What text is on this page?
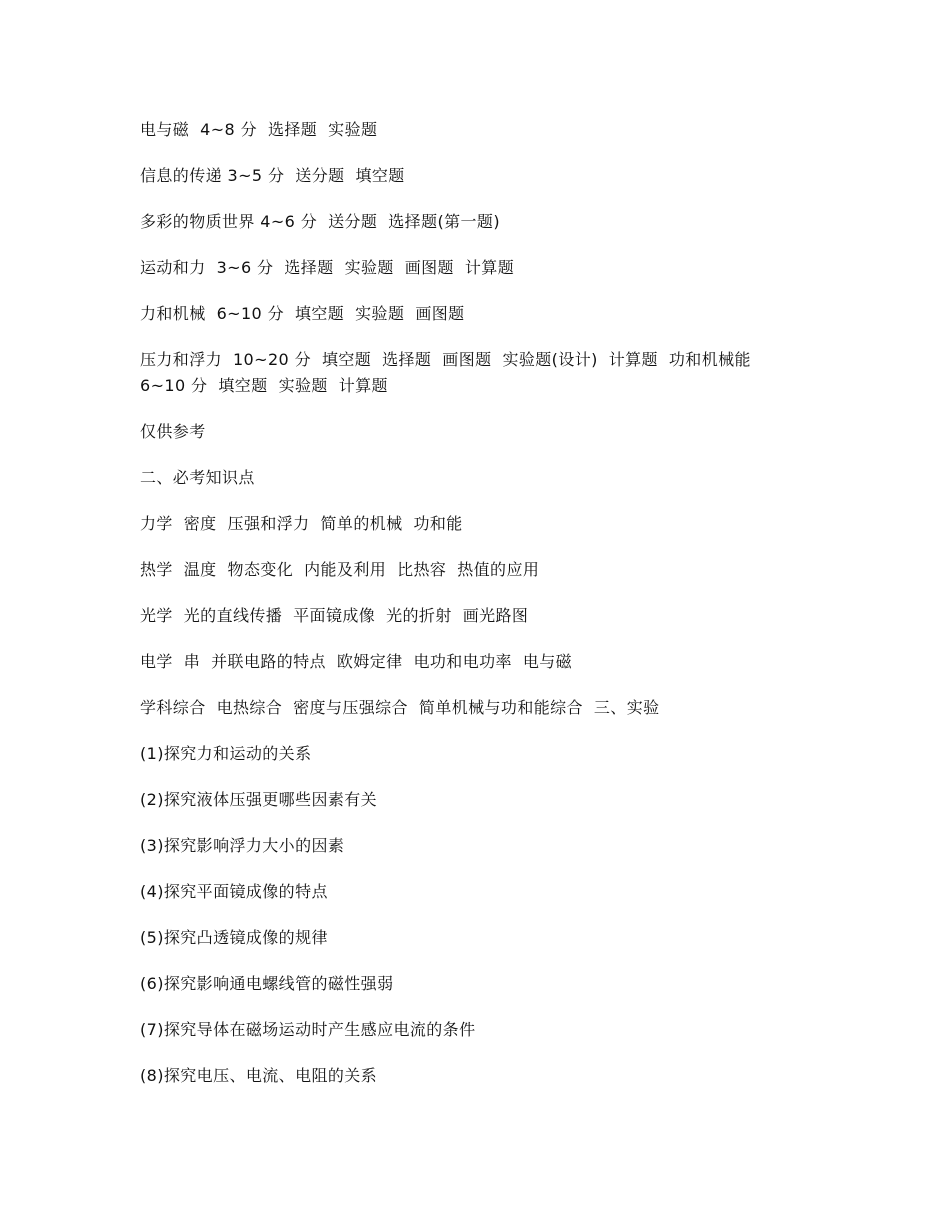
电与磁  4~8 分  选择题  实验题

信息的传递 3~5 分  送分题  填空题

多彩的物质世界 4~6 分  送分题  选择题(第一题)

运动和力  3~6 分  选择题  实验题  画图题  计算题

力和机械  6~10 分  填空题  实验题  画图题

压力和浮力  10~20 分  填空题  选择题  画图题  实验题(设计)  计算题  功和机械能
6~10 分  填空题  实验题  计算题

仅供参考

二、必考知识点

力学  密度  压强和浮力  简单的机械  功和能

热学  温度  物态变化  内能及利用  比热容  热值的应用

光学  光的直线传播  平面镜成像  光的折射  画光路图

电学  串  并联电路的特点  欧姆定律  电功和电功率  电与磁

学科综合  电热综合  密度与压强综合  简单机械与功和能综合  三、实验

(1)探究力和运动的关系

(2)探究液体压强更哪些因素有关

(3)探究影响浮力大小的因素

(4)探究平面镜成像的特点

(5)探究凸透镜成像的规律

(6)探究影响通电螺线管的磁性强弱

(7)探究导体在磁场运动时产生感应电流的条件

(8)探究电压、电流、电阻的关系
